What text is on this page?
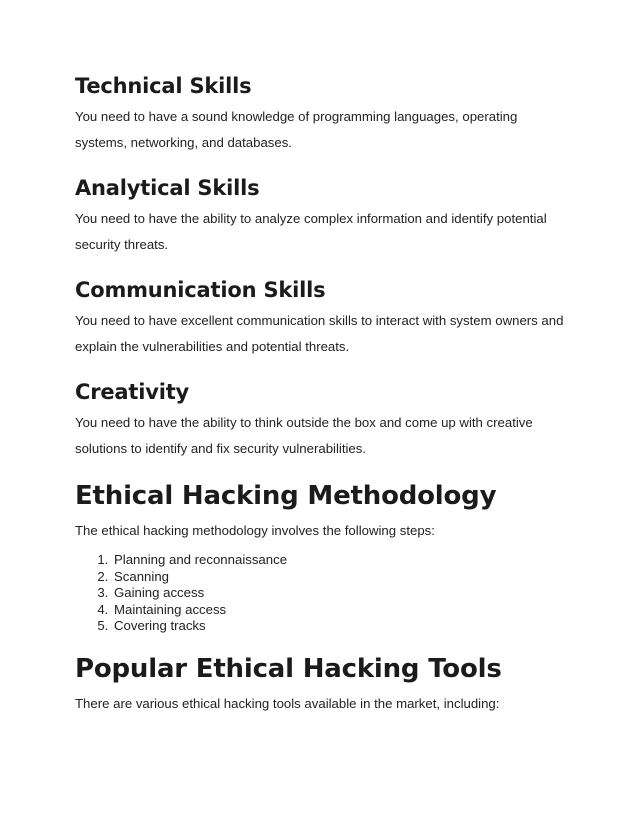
Technical Skills

You need to have a sound knowledge of programming languages, operating systems, networking, and databases.

Analytical Skills

You need to have the ability to analyze complex information and identify potential security threats.

Communication Skills

You need to have excellent communication skills to interact with system owners and explain the vulnerabilities and potential threats.

Creativity

You need to have the ability to think outside the box and come up with creative solutions to identify and fix security vulnerabilities.

Ethical Hacking Methodology

The ethical hacking methodology involves the following steps:

1. Planning and reconnaissance
2. Scanning
3. Gaining access
4. Maintaining access
5. Covering tracks
Popular Ethical Hacking Tools

There are various ethical hacking tools available in the market, including:
